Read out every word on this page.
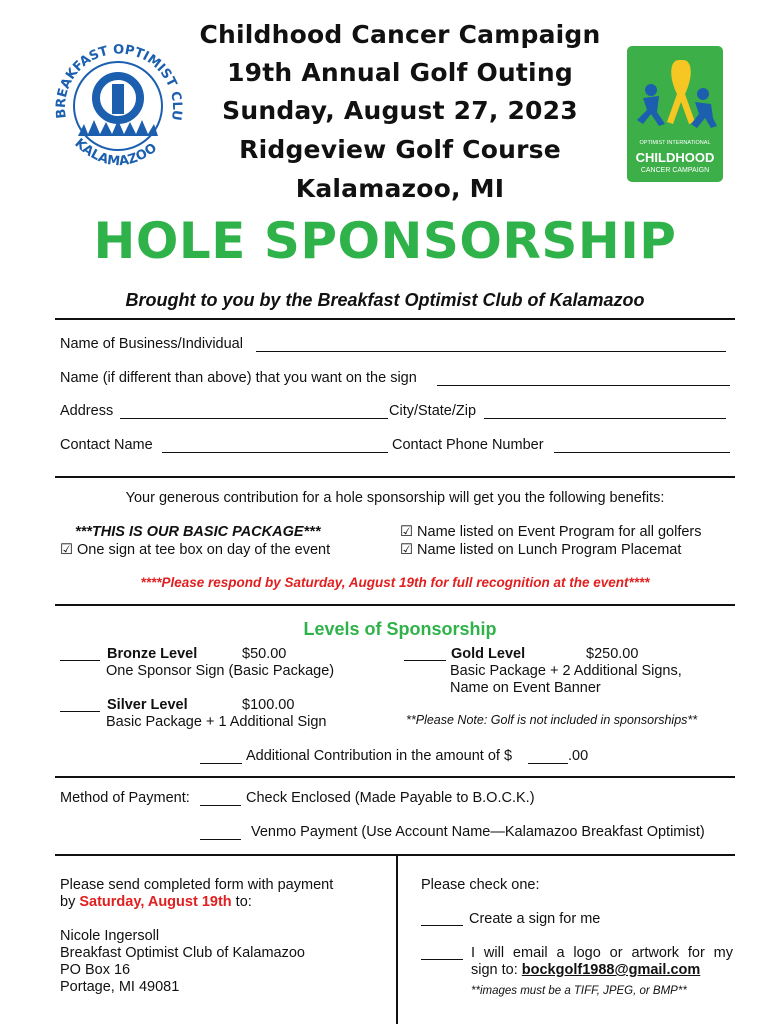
BREAKFAST OPTIMIST CLU
KALAMAZOO
Childhood Cancer Campaign
19th Annual Golf Outing
Sunday, August 27, 2023
Ridgeview Golf Course
Kalamazoo, MI
OPTIMIST INTERNATIONAL
CHILDHOOD
CANCER CAMPAIGN
HOLE SPONSORSHIP
Brought to you by the Breakfast Optimist Club of Kalamazoo
Name of Business/Individual
Name (if different than above) that you want on the sign
Address	City/State/Zip
Contact Name	Contact Phone Number
Your generous contribution for a hole sponsorship will get you the following benefits:
***THIS IS OUR BASIC PACKAGE***
☑ One sign at tee box on day of the event
☑ Name listed on Event Program for all golfers
☑ Name listed on Lunch Program Placemat
****Please respond by Saturday, August 19th for full recognition at the event****
Levels of Sponsorship
Bronze Level	$50.00
One Sponsor Sign (Basic Package)
Silver Level	$100.00
Basic Package + 1 Additional Sign
Gold Level	$250.00
Basic Package + 2 Additional Signs,
Name on Event Banner
**Please Note: Golf is not included in sponsorships**
Additional Contribution in the amount of $	.00
Method of Payment:	Check Enclosed (Made Payable to B.O.C.K.)
Venmo Payment (Use Account Name—Kalamazoo Breakfast Optimist)
Please send completed form with payment
by Saturday, August 19th to:
Nicole Ingersoll
Breakfast Optimist Club of Kalamazoo
PO Box 16
Portage, MI 49081
Please check one:
Create a sign for me
I will email a logo or artwork for my
sign to: bockgolf1988@gmail.com
**images must be a TIFF, JPEG, or BMP**
